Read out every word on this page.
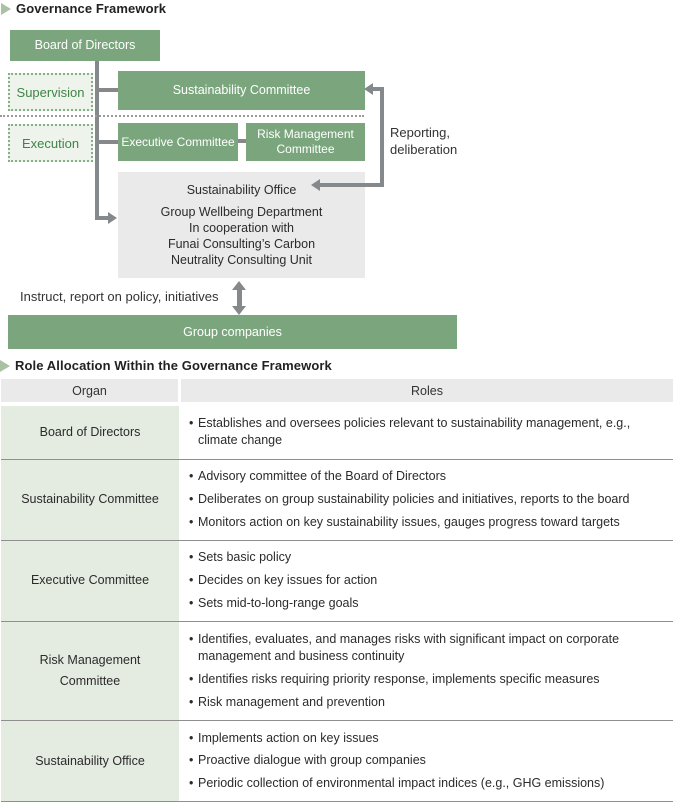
Governance Framework
Board of Directors
Supervision	Sustainability Committee
Execution	Executive Committee
Risk Management
Committee
Sustainability Office
Group Wellbeing Department
In cooperation with
Funai Consulting’s Carbon
Neutrality Consulting Unit
Reporting,
deliberation
Instruct, report on policy, initiatives
Group companies
Role Allocation Within the Governance Framework
Organ	Roles
Board of Directors
• Establishes and oversees policies relevant to sustainability management, e.g., climate change
Sustainability Committee
• Advisory committee of the Board of Directors
• Deliberates on group sustainability policies and initiatives, reports to the board
• Monitors action on key sustainability issues, gauges progress toward targets
Executive Committee
• Sets basic policy
• Decides on key issues for action
• Sets mid-to-long-range goals
Risk Management
Committee
• Identifies, evaluates, and manages risks with significant impact on corporate management and business continuity
• Identifies risks requiring priority response, implements specific measures
• Risk management and prevention
Sustainability Office
• Implements action on key issues
• Proactive dialogue with group companies
• Periodic collection of environmental impact indices (e.g., GHG emissions)
